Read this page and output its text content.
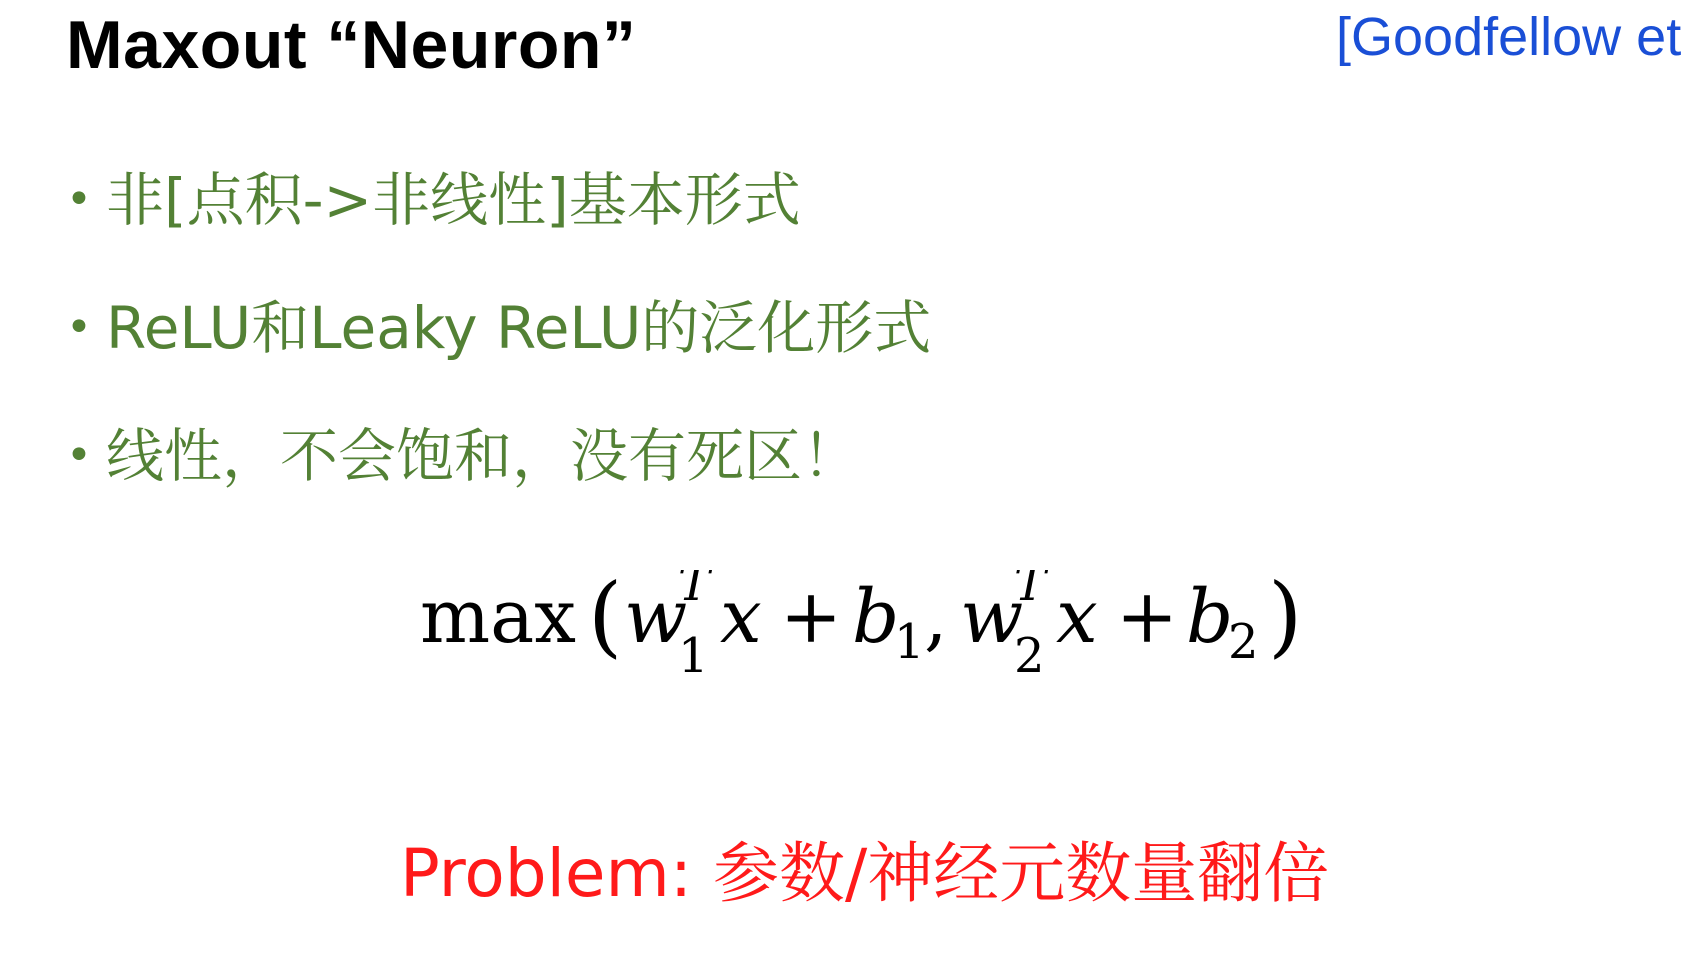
Maxout “Neuron”	[Goodfellow et
• 非[点积->非线性]基本形式
• ReLU和Leaky ReLU的泛化形式
• 线性，不会饱和，没有死区！
max ( w
T
1 x + b
1 , w
T
2 x + b
2 )
Problem: 参数/神经元数量翻倍
